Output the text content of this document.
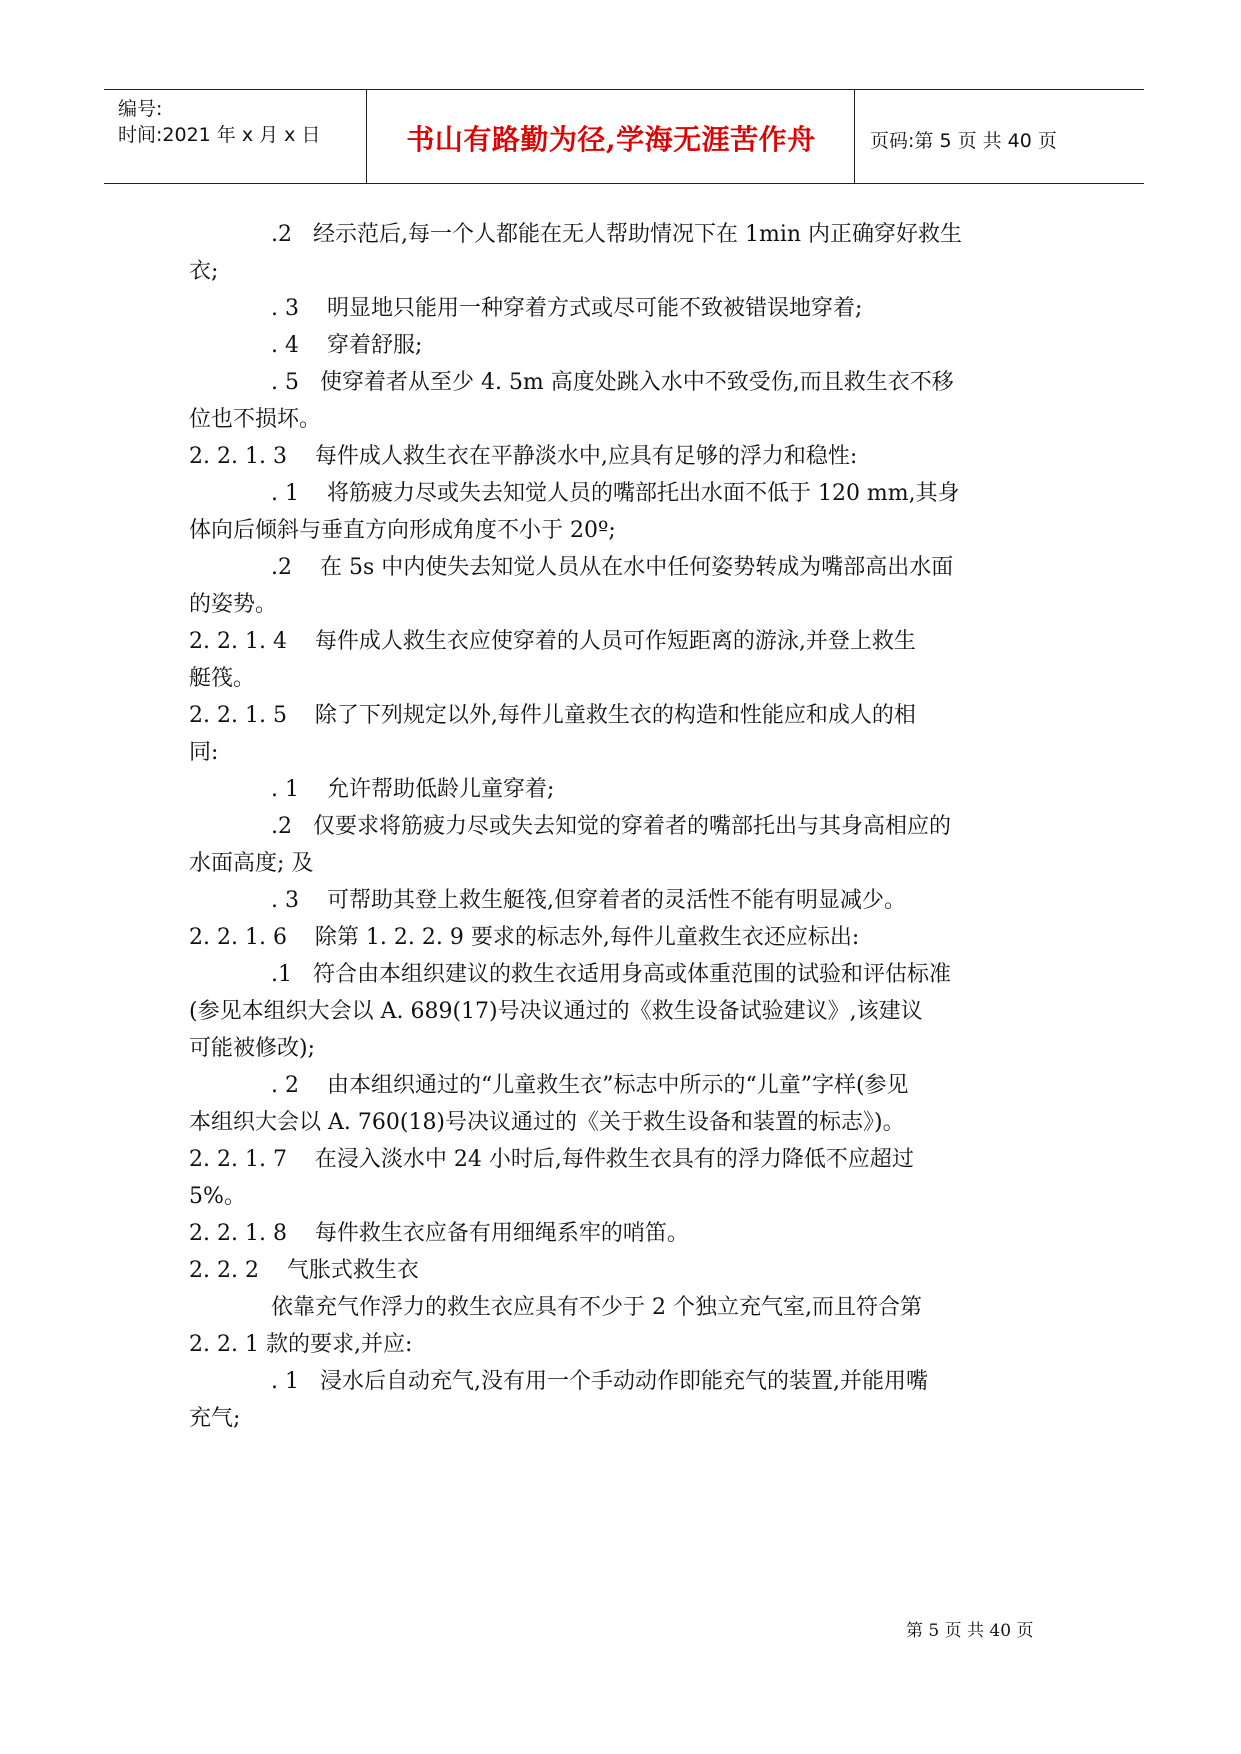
编号:
时间:2021 年 x 月 x 日	书山有路勤为径,学海无涯苦作舟	页码:第 5 页 共 40 页
.2   经示范后,每一个人都能在无人帮助情况下在 1min 内正确穿好救生
衣;
. 3    明显地只能用一种穿着方式或尽可能不致被错误地穿着;
. 4    穿着舒服;
. 5   使穿着者从至少 4. 5m 高度处跳入水中不致受伤,而且救生衣不移
位也不损坏。
2. 2. 1. 3    每件成人救生衣在平静淡水中,应具有足够的浮力和稳性:
. 1    将筋疲力尽或失去知觉人员的嘴部托出水面不低于 120 mm,其身
体向后倾斜与垂直方向形成角度不小于 20º;
.2    在 5s 中内使失去知觉人员从在水中任何姿势转成为嘴部高出水面
的姿势。
2. 2. 1. 4    每件成人救生衣应使穿着的人员可作短距离的游泳,并登上救生
艇筏。
2. 2. 1. 5    除了下列规定以外,每件儿童救生衣的构造和性能应和成人的相
同:
. 1    允许帮助低龄儿童穿着;
.2   仅要求将筋疲力尽或失去知觉的穿着者的嘴部托出与其身高相应的
水面高度; 及
. 3    可帮助其登上救生艇筏,但穿着者的灵活性不能有明显减少。
2. 2. 1. 6    除第 1. 2. 2. 9 要求的标志外,每件儿童救生衣还应标出:
.1   符合由本组织建议的救生衣适用身高或体重范围的试验和评估标准
(参见本组织大会以 A. 689(17)号决议通过的《救生设备试验建议》,该建议
可能被修改);
. 2    由本组织通过的“儿童救生衣”标志中所示的“儿童”字样(参见
本组织大会以 A. 760(18)号决议通过的《关于救生设备和装置的标志》)。
2. 2. 1. 7    在浸入淡水中 24 小时后,每件救生衣具有的浮力降低不应超过
5%。
2. 2. 1. 8    每件救生衣应备有用细绳系牢的哨笛。
2. 2. 2    气胀式救生衣
依靠充气作浮力的救生衣应具有不少于 2 个独立充气室,而且符合第
2. 2. 1 款的要求,并应:
. 1   浸水后自动充气,没有用一个手动动作即能充气的装置,并能用嘴
充气;
第 5 页 共 40 页
